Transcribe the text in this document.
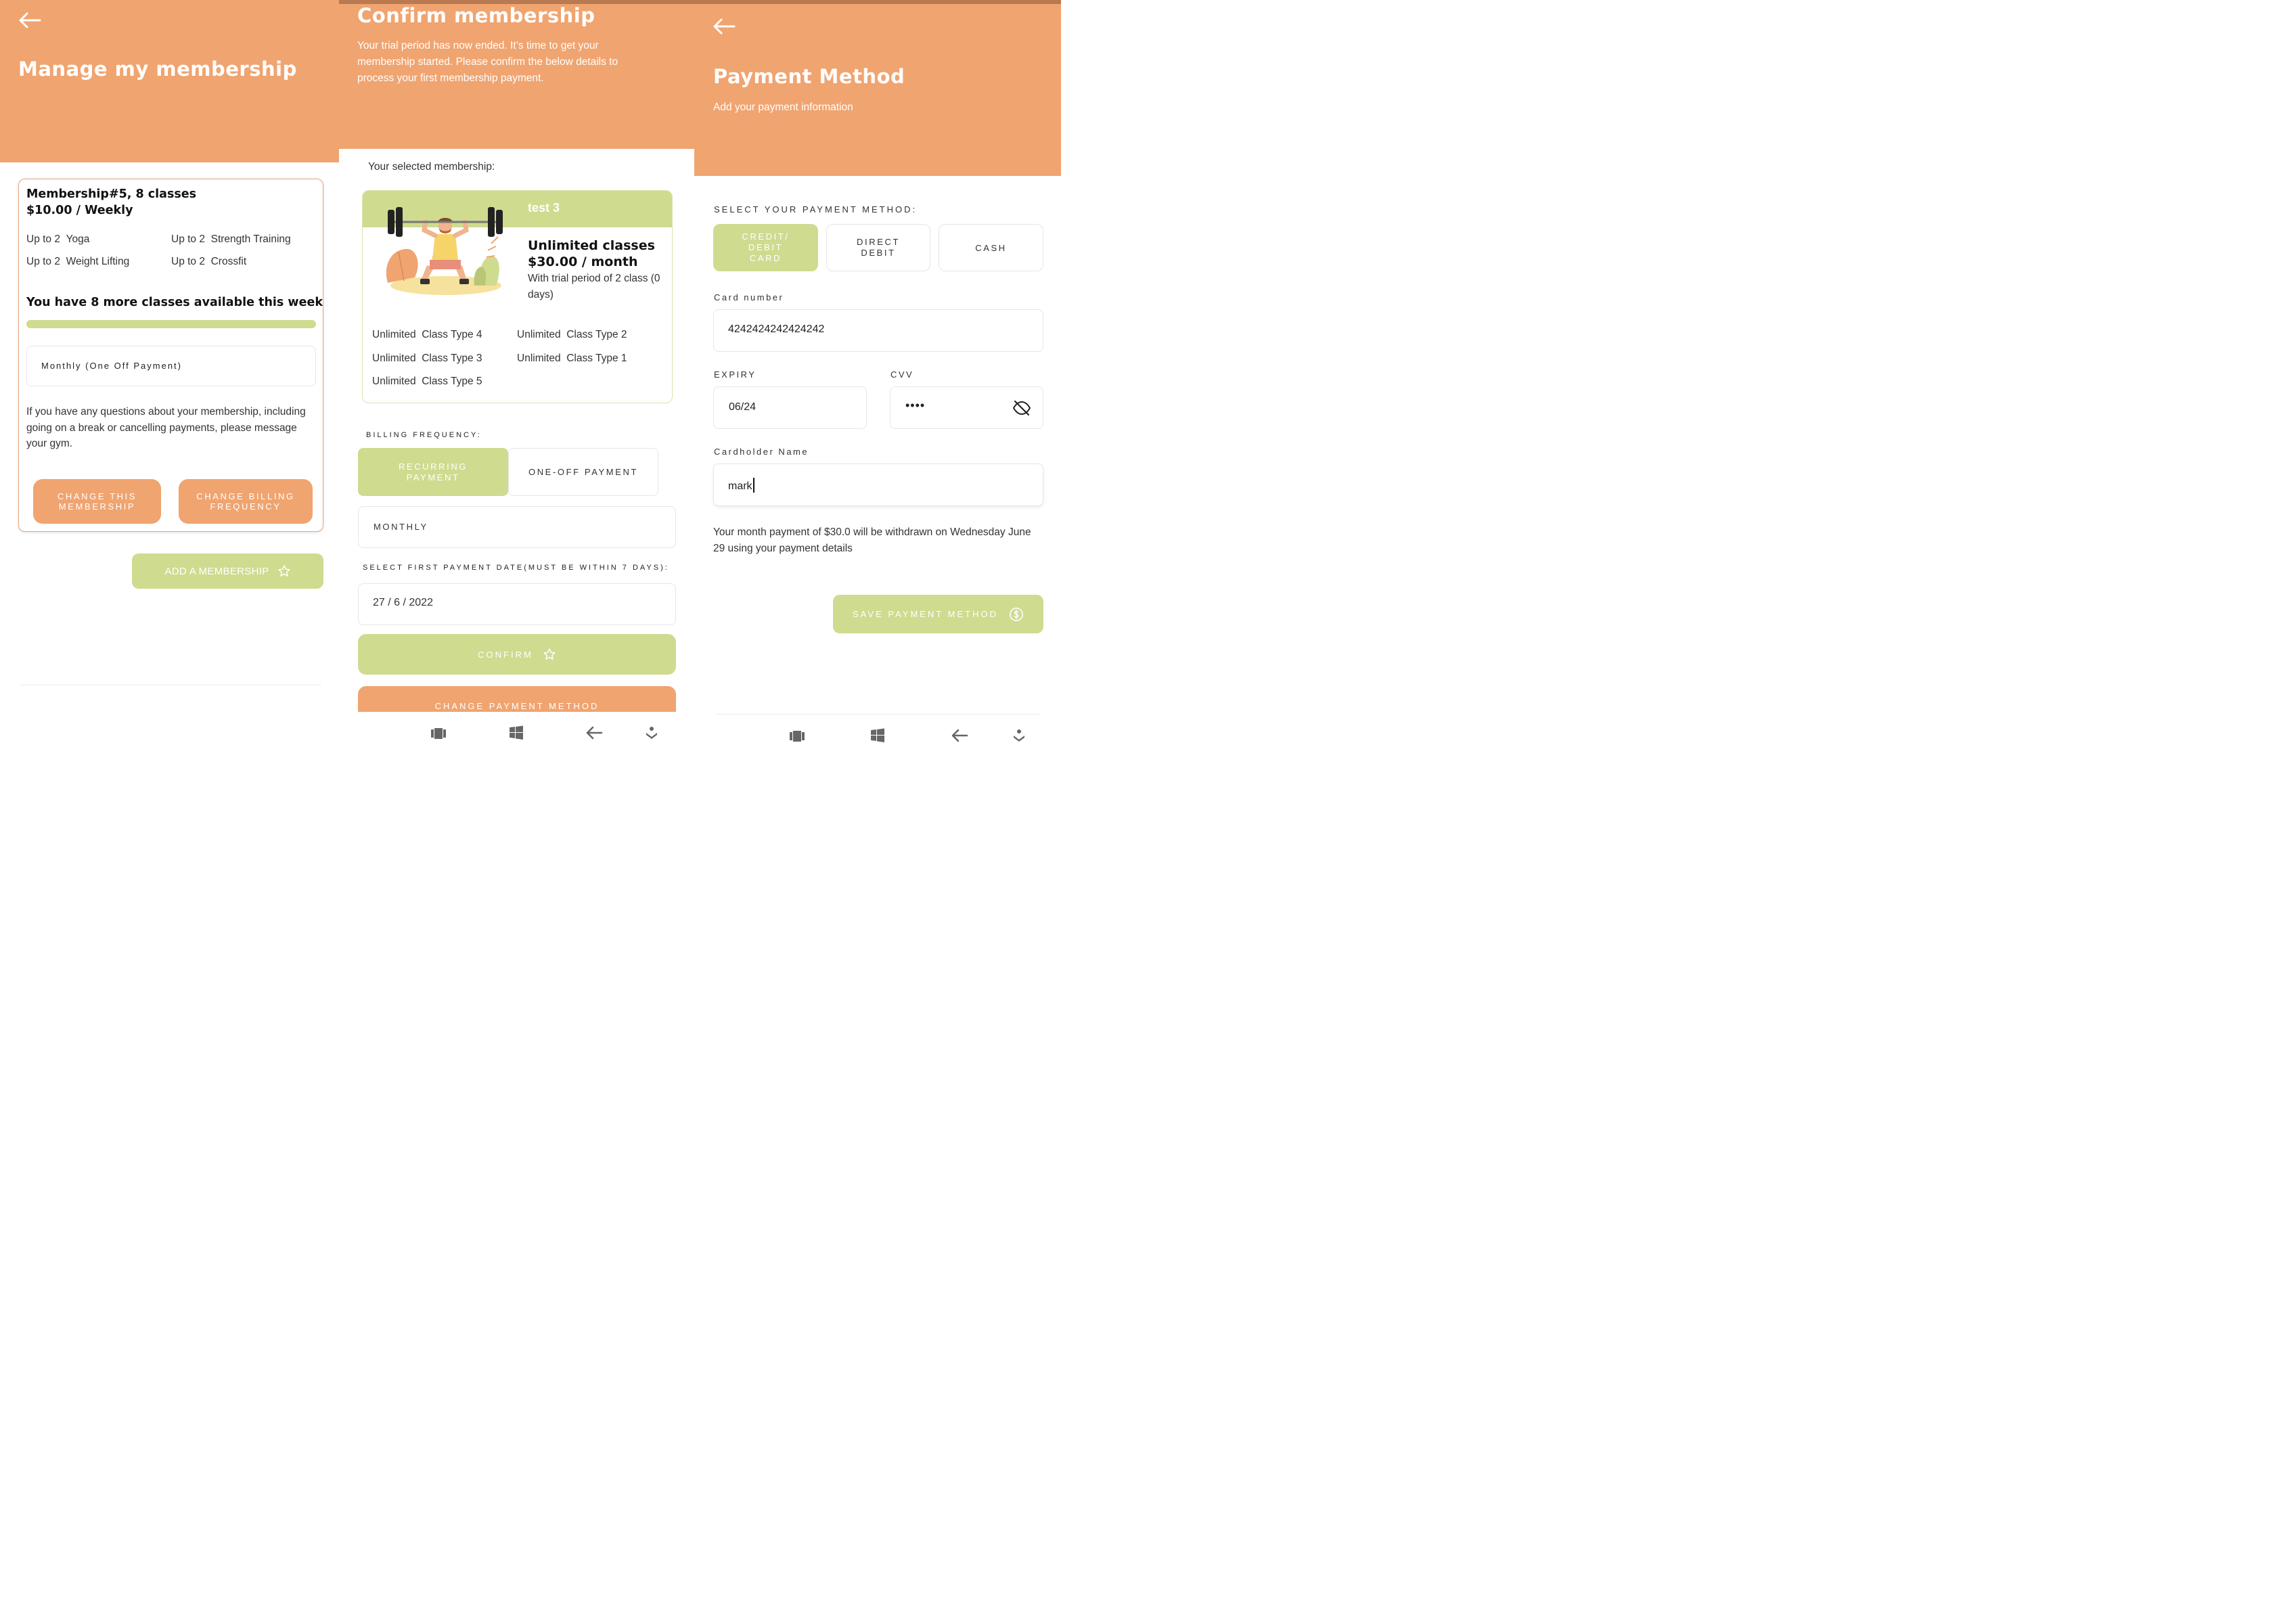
Manage my membership
Membership#5, 8 classes
$10.00 / Weekly
Up to 2 Yoga	Up to 2 Strength Training
Up to 2 Weight Lifting	Up to 2 Crossfit
You have 8 more classes available this week
Monthly (One Off Payment)
If you have any questions about your membership, including going on a break or cancelling payments, please message your gym.
CHANGE THIS MEMBERSHIP
CHANGE BILLING FREQUENCY
ADD A MEMBERSHIP
Confirm membership
Your trial period has now ended. It’s time to get your membership started. Please confirm the below details to process your first membership payment.
Your selected membership:
test 3
Unlimited classes
$30.00 / month
With trial period of 2 class (0 days)
Unlimited Class Type 4	Unlimited Class Type 2
Unlimited Class Type 3	Unlimited Class Type 1
Unlimited Class Type 5
BILLING FREQUENCY:
RECURRING PAYMENT	ONE-OFF PAYMENT
MONTHLY
SELECT FIRST PAYMENT DATE(MUST BE WITHIN 7 DAYS):
27 / 6 / 2022
CONFIRM
CHANGE PAYMENT METHOD
Payment Method
Add your payment information
SELECT YOUR PAYMENT METHOD:
CREDIT/ DEBIT CARD
DIRECT DEBIT	CASH
Card number
4242424242424242
EXPIRY
06/24
CVV
••••
Cardholder Name
mark
Your month payment of $30.0 will be withdrawn on Wednesday June 29 using your payment details
SAVE PAYMENT METHOD
